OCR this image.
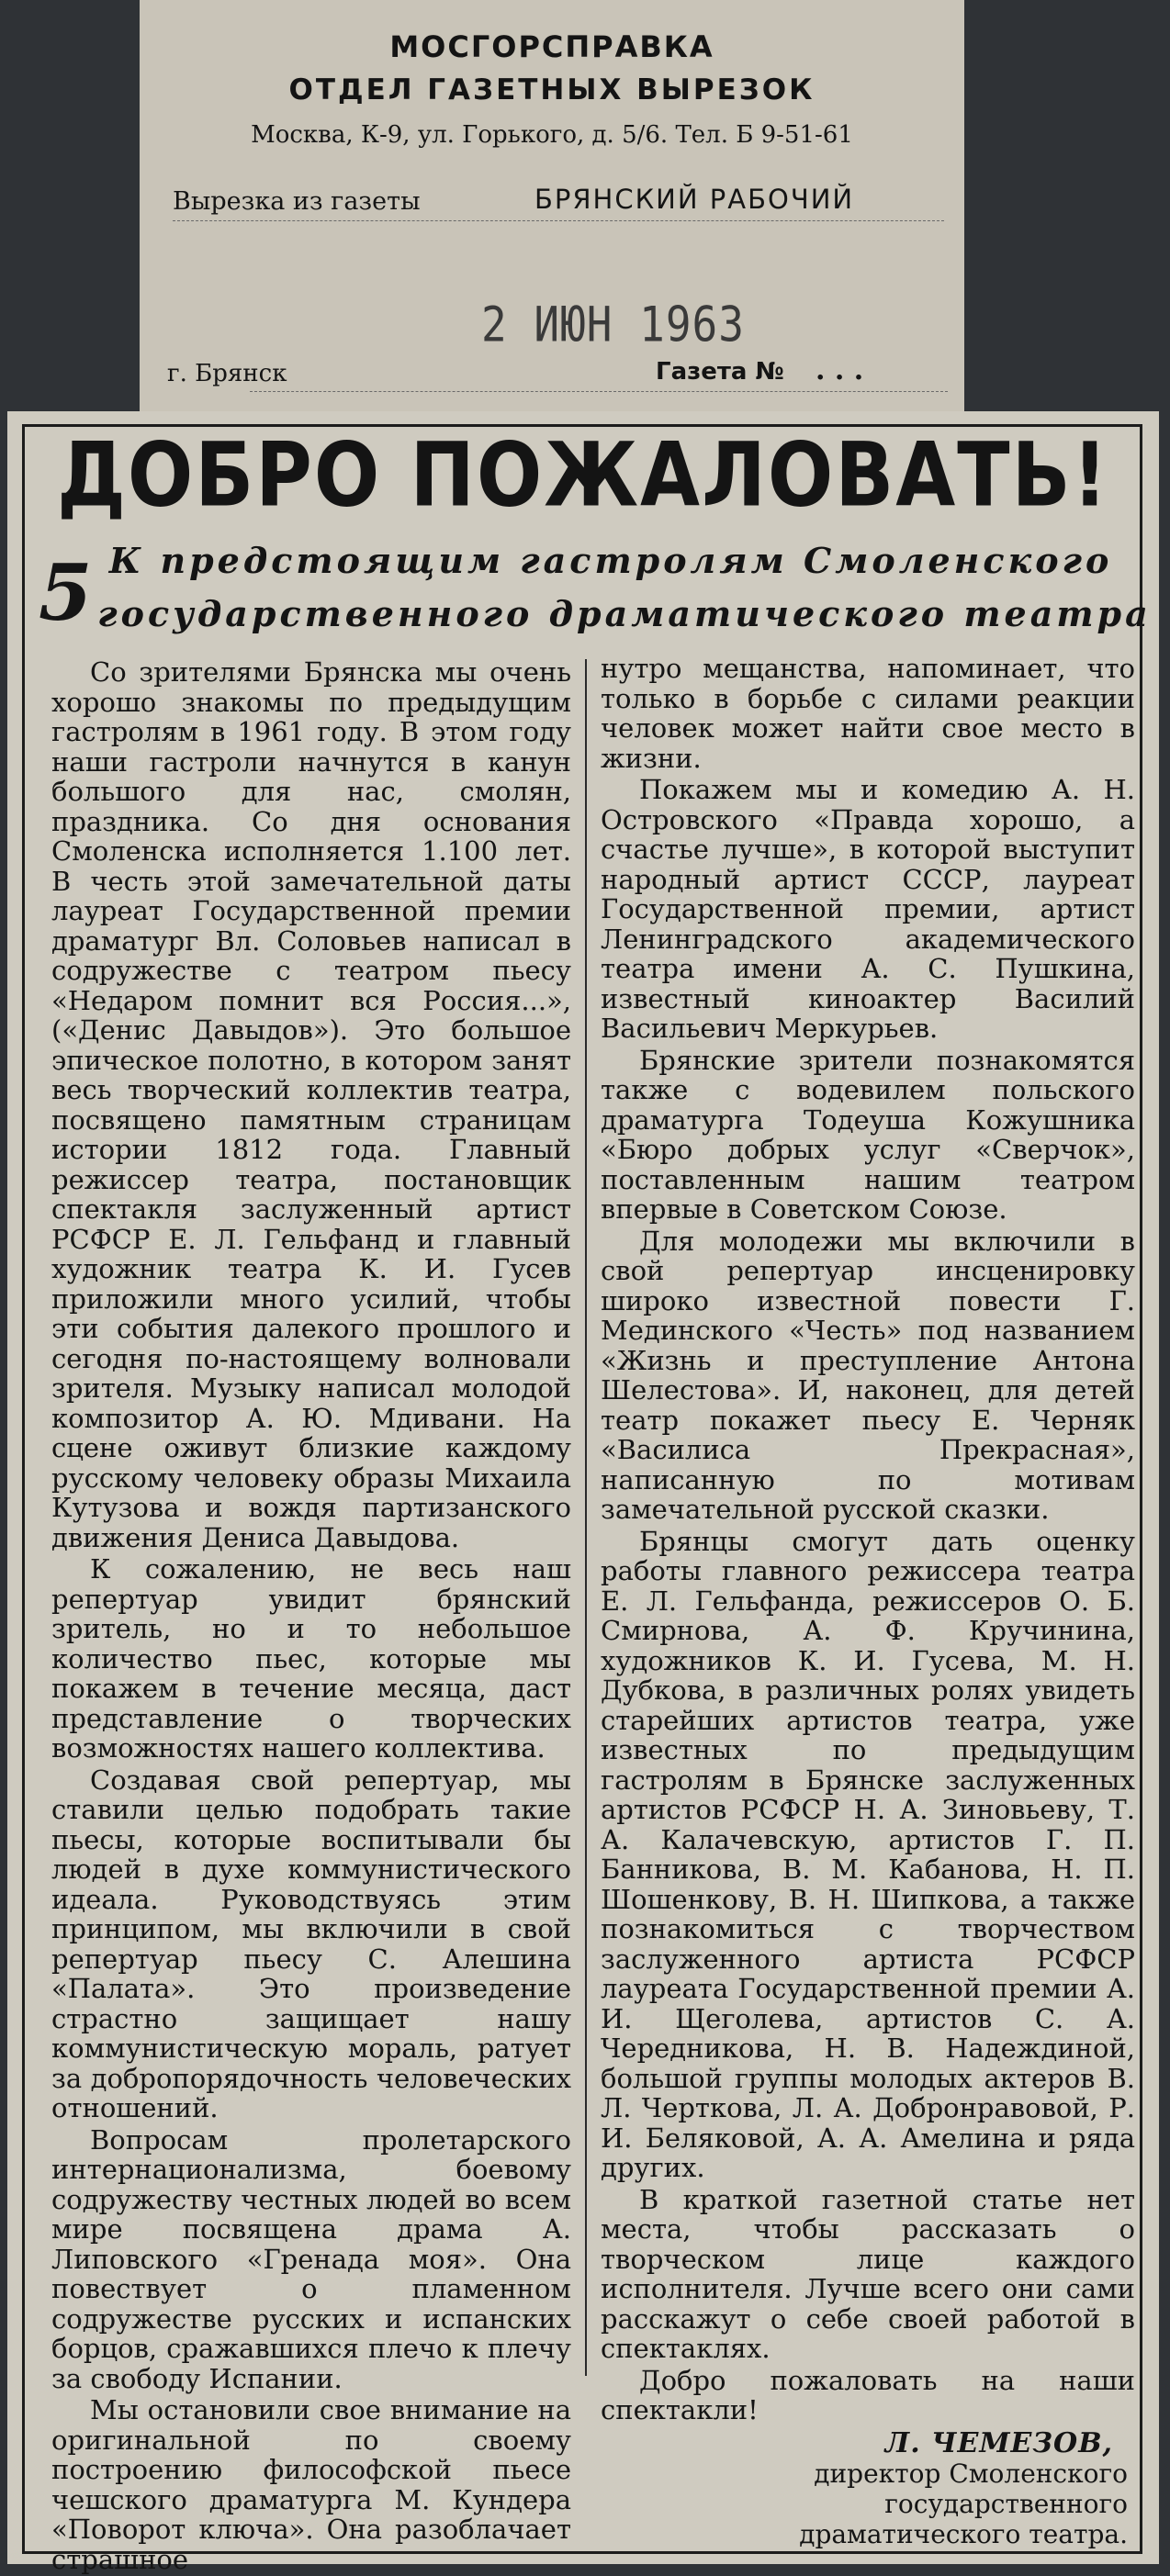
МОСГОРСПРАВКА
ОТДЕЛ ГАЗЕТНЫХ ВЫРЕЗОК
Москва, К-9, ул. Горького, д. 5/6. Тел. Б 9-51-61
Вырезка из газеты	БРЯНСКИЙ РАБОЧИЙ
2 ИЮН 1963
г. Брянск	Газета № . . .
ДОБРО ПОЖАЛОВАТЬ!
5 К предстоящим гастролям Смоленского
государственного драматического театра

Со зрителями Брянска мы очень хорошо знакомы по предыдущим гастролям в 1961 году. В этом году наши гастроли начнутся в канун большого для нас, смолян, праздника. Со дня основания Смоленска исполняется 1.100 лет. В честь этой замечательной даты лауреат Государственной премии драматург Вл. Соловьев написал в содружестве с театром пьесу «Недаром помнит вся Россия...», («Денис Давыдов»). Это большое эпическое полотно, в котором занят весь творческий коллектив театра, посвящено памятным страницам истории 1812 года. Главный режиссер театра, постановщик спектакля заслуженный артист РСФСР Е. Л. Гельфанд и главный художник театра К. И. Гусев приложили много усилий, чтобы эти события далекого прошлого и сегодня по-настоящему волновали зрителя. Музыку написал молодой композитор А. Ю. Мдивани. На сцене оживут близкие каждому русскому человеку образы Михаила Кутузова и вождя партизанского движения Дениса Давыдова.

К сожалению, не весь наш репертуар увидит брянский зритель, но и то небольшое количество пьес, которые мы покажем в течение месяца, даст представление о творческих возможностях нашего коллектива.

Создавая свой репертуар, мы ставили целью подобрать такие пьесы, которые воспитывали бы людей в духе коммунистического идеала. Руководствуясь этим принципом, мы включили в свой репертуар пьесу С. Алешина «Палата». Это произведение страстно защищает нашу коммунистическую мораль, ратует за добропорядочность человеческих отношений.

Вопросам пролетарского интернационализма, боевому содружеству честных людей во всем мире посвящена драма А. Липовского «Гренада моя». Она повествует о пламенном содружестве русских и испанских борцов, сражавшихся плечо к плечу за свободу Испании.

Мы остановили свое внимание на оригинальной по своему построению философской пьесе чешского драматурга М. Кундера «Поворот ключа». Она разоблачает страшное

нутро мещанства, напоминает, что только в борьбе с силами реакции человек может найти свое место в жизни.

Покажем мы и комедию А. Н. Островского «Правда хорошо, а счастье лучше», в которой выступит народный артист СССР, лауреат Государственной премии, артист Ленинградского академического театра имени А. С. Пушкина, известный киноактер Василий Васильевич Меркурьев.

Брянские зрители познакомятся также с водевилем польского драматурга Тодеуша Кожушника «Бюро добрых услуг «Сверчок», поставленным нашим театром впервые в Советском Союзе.

Для молодежи мы включили в свой репертуар инсценировку широко известной повести Г. Мединского «Честь» под названием «Жизнь и преступление Антона Шелестова». И, наконец, для детей театр покажет пьесу Е. Черняк «Василиса Прекрасная», написанную по мотивам замечательной русской сказки.

Брянцы смогут дать оценку работы главного режиссера театра Е. Л. Гельфанда, режиссеров О. Б. Смирнова, А. Ф. Кручинина, художников К. И. Гусева, М. Н. Дубкова, в различных ролях увидеть старейших артистов театра, уже известных по предыдущим гастролям в Брянске заслуженных артистов РСФСР Н. А. Зиновьеву, Т. А. Калачевскую, артистов Г. П. Банникова, В. М. Кабанова, Н. П. Шошенкову, В. Н. Шипкова, а также познакомиться с творчеством заслуженного артиста РСФСР лауреата Государственной премии А. И. Щеголева, артистов С. А. Чередникова, Н. В. Надеждиной, большой группы молодых актеров В. Л. Черткова, Л. А. Добронравовой, Р. И. Беляковой, А. А. Амелина и ряда других.

В краткой газетной статье нет места, чтобы рассказать о творческом лице каждого исполнителя. Лучше всего они сами расскажут о себе своей работой в спектаклях.

Добро пожаловать на наши спектакли!

Л. ЧЕМЕЗОВ,
директор Смоленского
государственного
драматического театра.
